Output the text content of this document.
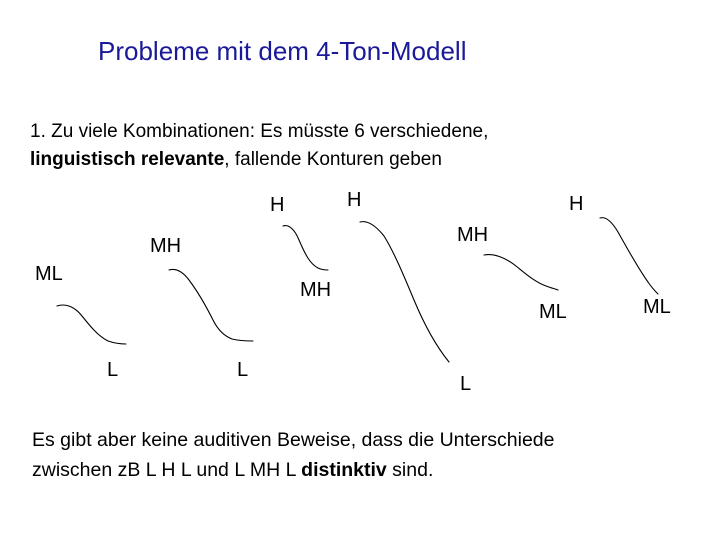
Probleme mit dem 4-Ton-Modell
1. Zu viele Kombinationen: Es müsste 6 verschiedene,
linguistisch relevante, fallende Konturen geben
ML
L
MH
L
H
MH
H
L
MH
ML
H
ML
Es gibt aber keine auditiven Beweise, dass die Unterschiede
zwischen zB L H L und L MH L distinktiv sind.
